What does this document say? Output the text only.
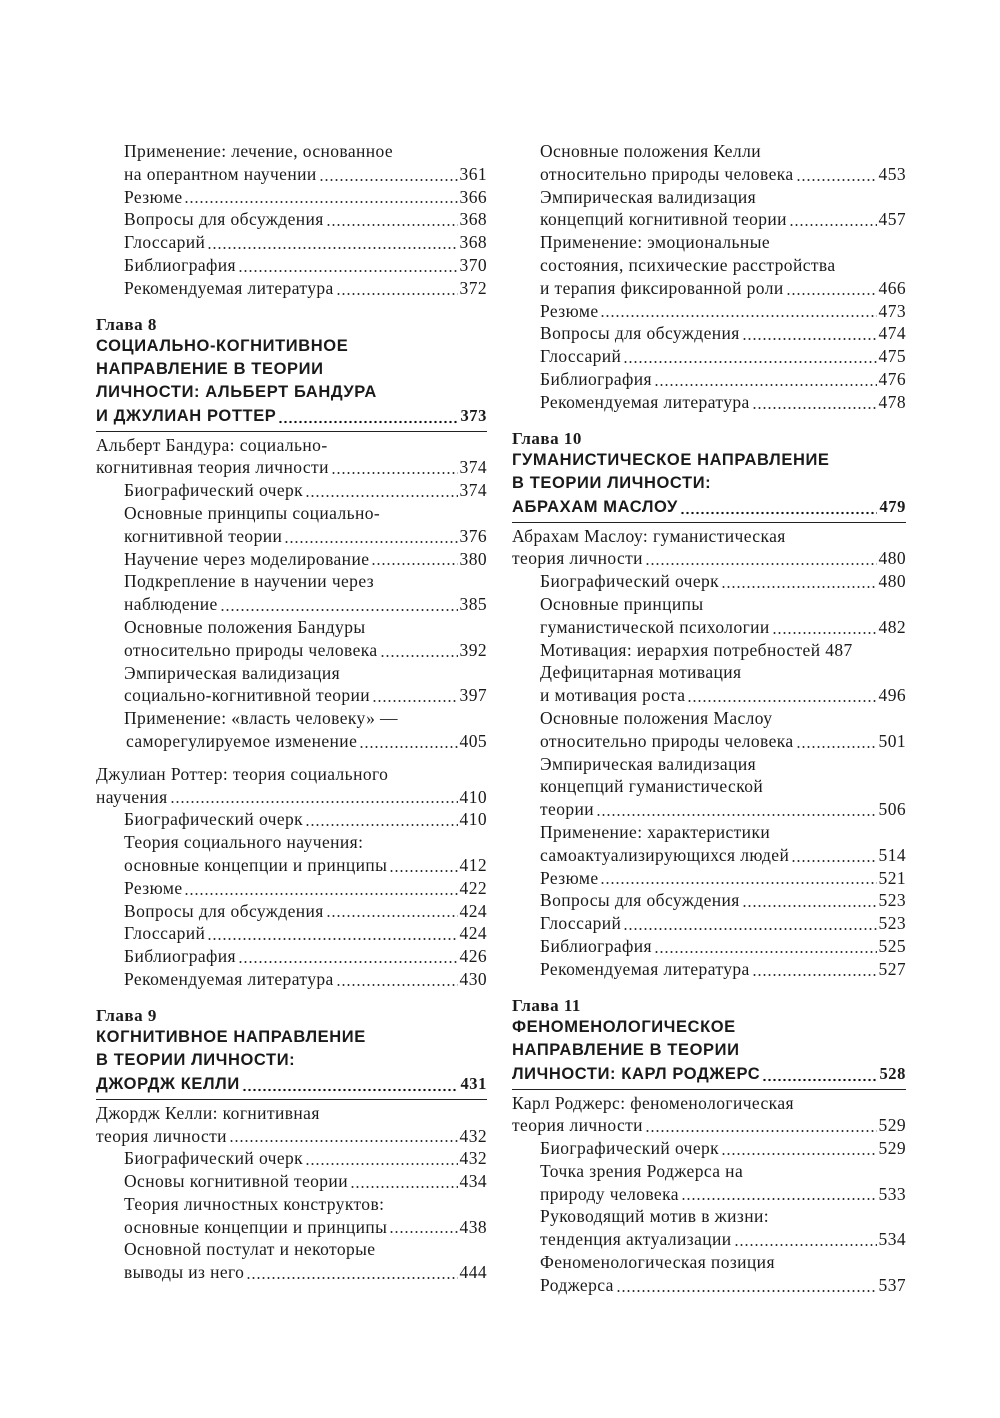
Применение: лечение, основанное
на оперантном научении	361
Резюме	366
Вопросы для обсуждения	368
Глоссарий	368
Библиография	370
Рекомендуемая литература	372
Глава 8
СОЦИАЛЬНО-КОГНИТИВНОЕ
НАПРАВЛЕНИЕ В ТЕОРИИ
ЛИЧНОСТИ: АЛЬБЕРТ БАНДУРА
И ДЖУЛИАН РОТТЕР	373
Альберт Бандура: социально-
когнитивная теория личности	374
Биографический очерк	374
Основные принципы социально-
когнитивной теории	376
Научение через моделирование	380
Подкрепление в научении через
наблюдение	385
Основные положения Бандуры
относительно природы человека	392
Эмпирическая валидизация
социально-когнитивной теории	397
Применение: «власть человеку» —
саморегулируемое изменение	405
Джулиан Роттер: теория социального
научения	410
Биографический очерк	410
Теория социального научения:
основные концепции и принципы	412
Резюме	422
Вопросы для обсуждения	424
Глоссарий	424
Библиография	426
Рекомендуемая литература	430
Глава 9
КОГНИТИВНОЕ НАПРАВЛЕНИЕ
В ТЕОРИИ ЛИЧНОСТИ:
ДЖОРДЖ КЕЛЛИ	431
Джордж Келли: когнитивная
теория личности	432
Биографический очерк	432
Основы когнитивной теории	434
Теория личностных конструктов:
основные концепции и принципы	438
Основной постулат и некоторые
выводы из него	444
Основные положения Келли
относительно природы человека	453
Эмпирическая валидизация
концепций когнитивной теории	457
Применение: эмоциональные
состояния, психические расстройства
и терапия фиксированной роли	466
Резюме	473
Вопросы для обсуждения	474
Глоссарий	475
Библиография	476
Рекомендуемая литература	478
Глава 10
ГУМАНИСТИЧЕСКОЕ НАПРАВЛЕНИЕ
В ТЕОРИИ ЛИЧНОСТИ:
АБРАХАМ МАСЛОУ	479
Абрахам Маслоу: гуманистическая
теория личности	480
Биографический очерк	480
Основные принципы
гуманистической психологии	482
Мотивация: иерархия потребностей 487
Дефицитарная мотивация
и мотивация роста	496
Основные положения Маслоу
относительно природы человека	501
Эмпирическая валидизация
концепций гуманистической
теории	506
Применение: характеристики
самоактуализирующихся людей	514
Резюме	521
Вопросы для обсуждения	523
Глоссарий	523
Библиография	525
Рекомендуемая литература	527
Глава 11
ФЕНОМЕНОЛОГИЧЕСКОЕ
НАПРАВЛЕНИЕ В ТЕОРИИ
ЛИЧНОСТИ: КАРЛ РОДЖЕРС	528
Карл Роджерс: феноменологическая
теория личности	529
Биографический очерк	529
Точка зрения Роджерса на
природу человека	533
Руководящий мотив в жизни:
тенденция актуализации	534
Феноменологическая позиция
Роджерса	537
